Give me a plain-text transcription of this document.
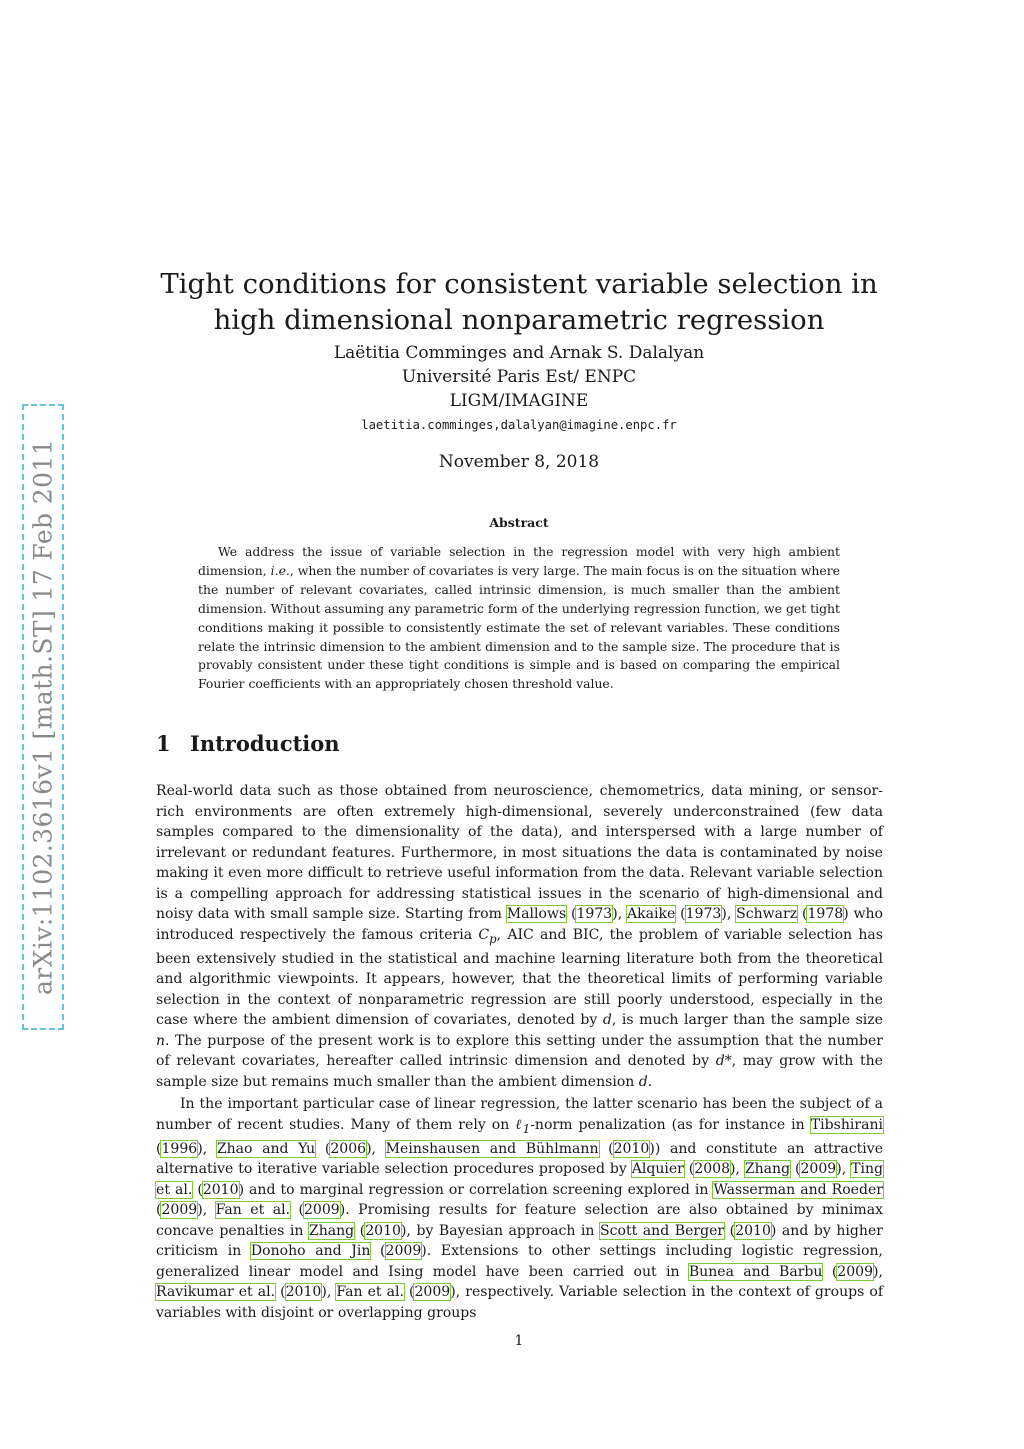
arXiv:1102.3616v1 [math.ST] 17 Feb 2011
Tight conditions for consistent variable selection in high dimensional nonparametric regression
Laëtitia Comminges and Arnak S. Dalalyan
Université Paris Est/ ENPC
LIGM/IMAGINE
laetitia.comminges,dalalyan@imagine.enpc.fr
November 8, 2018
Abstract

We address the issue of variable selection in the regression model with very high ambient dimension, i.e., when the number of covariates is very large. The main focus is on the situation where the number of relevant covariates, called intrinsic dimension, is much smaller than the ambient dimension. Without assuming any parametric form of the underlying regression function, we get tight conditions making it possible to consistently estimate the set of relevant variables. These conditions relate the intrinsic dimension to the ambient dimension and to the sample size. The procedure that is provably consistent under these tight conditions is simple and is based on comparing the empirical Fourier coefficients with an appropriately chosen threshold value.

1 Introduction

Real-world data such as those obtained from neuroscience, chemometrics, data mining, or sensor-rich environments are often extremely high-dimensional, severely underconstrained (few data samples compared to the dimensionality of the data), and interspersed with a large number of irrelevant or redundant features. Furthermore, in most situations the data is contaminated by noise making it even more difficult to retrieve useful information from the data. Relevant variable selection is a compelling approach for addressing statistical issues in the scenario of high-dimensional and noisy data with small sample size. Starting from Mallows (1973), Akaike (1973), Schwarz (1978) who introduced respectively the famous criteria $C_p$, AIC and BIC, the problem of variable selection has been extensively studied in the statistical and machine learning literature both from the theoretical and algorithmic viewpoints. It appears, however, that the theoretical limits of performing variable selection in the context of nonparametric regression are still poorly understood, especially in the case where the ambient dimension of covariates, denoted by d, is much larger than the sample size n. The purpose of the present work is to explore this setting under the assumption that the number of relevant covariates, hereafter called intrinsic dimension and denoted by d*, may grow with the sample size but remains much smaller than the ambient dimension d.

In the important particular case of linear regression, the latter scenario has been the subject of a number of recent studies. Many of them rely on ℓ$_1$-norm penalization (as for instance in Tibshirani (1996), Zhao and Yu (2006), Meinshausen and Bühlmann (2010)) and constitute an attractive alternative to iterative variable selection procedures proposed by Alquier (2008), Zhang (2009), Ting et al. (2010) and to marginal regression or correlation screening explored in Wasserman and Roeder (2009), Fan et al. (2009). Promising results for feature selection are also obtained by minimax concave penalties in Zhang (2010), by Bayesian approach in Scott and Berger (2010) and by higher criticism in Donoho and Jin (2009). Extensions to other settings including logistic regression, generalized linear model and Ising model have been carried out in Bunea and Barbu (2009), Ravikumar et al. (2010), Fan et al. (2009), respectively. Variable selection in the context of groups of variables with disjoint or overlapping groups

1
